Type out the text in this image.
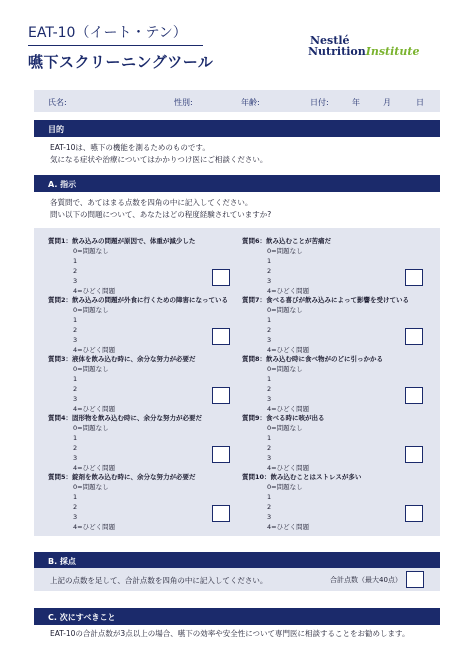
EAT-10（イート・テン）
嚥下スクリーニングツール
Nestlé
NutritionInstitute
氏名:	性別:	年齢:	日付:	年	月	日
目的
EAT-10は、嚥下の機能を測るためのものです。
気になる症状や治療についてはかかりつけ医にご相談ください。
A. 指示
各質問で、あてはまる点数を四角の中に記入してください。
問い以下の問題について、あなたはどの程度経験されていますか?
質問1：飲み込みの問題が原因で、体重が減少した
0=問題なし
1
2
3
4=ひどく問題
質問2：飲み込みの問題が外食に行くための障害になっている
0=問題なし
1
2
3
4=ひどく問題
質問3：液体を飲み込む時に、余分な努力が必要だ
0=問題なし
1
2
3
4=ひどく問題
質問4：固形物を飲み込む時に、余分な努力が必要だ
0=問題なし
1
2
3
4=ひどく問題
質問5：錠剤を飲み込む時に、余分な努力が必要だ
0=問題なし
1
2
3
4=ひどく問題
質問6：飲み込むことが苦痛だ
0=問題なし
1
2
3
4=ひどく問題
質問7：食べる喜びが飲み込みによって影響を受けている
0=問題なし
1
2
3
4=ひどく問題
質問8：飲み込む時に食べ物がのどに引っかかる
0=問題なし
1
2
3
4=ひどく問題
質問9：食べる時に咳が出る
0=問題なし
1
2
3
4=ひどく問題
質問10：飲み込むことはストレスが多い
0=問題なし
1
2
3
4=ひどく問題
B. 採点
上記の点数を足して、合計点数を四角の中に記入してください。	合計点数（最大40点）
C. 次にすべきこと
EAT-10の合計点数が3点以上の場合、嚥下の効率や安全性について専門医に相談することをお勧めします。
